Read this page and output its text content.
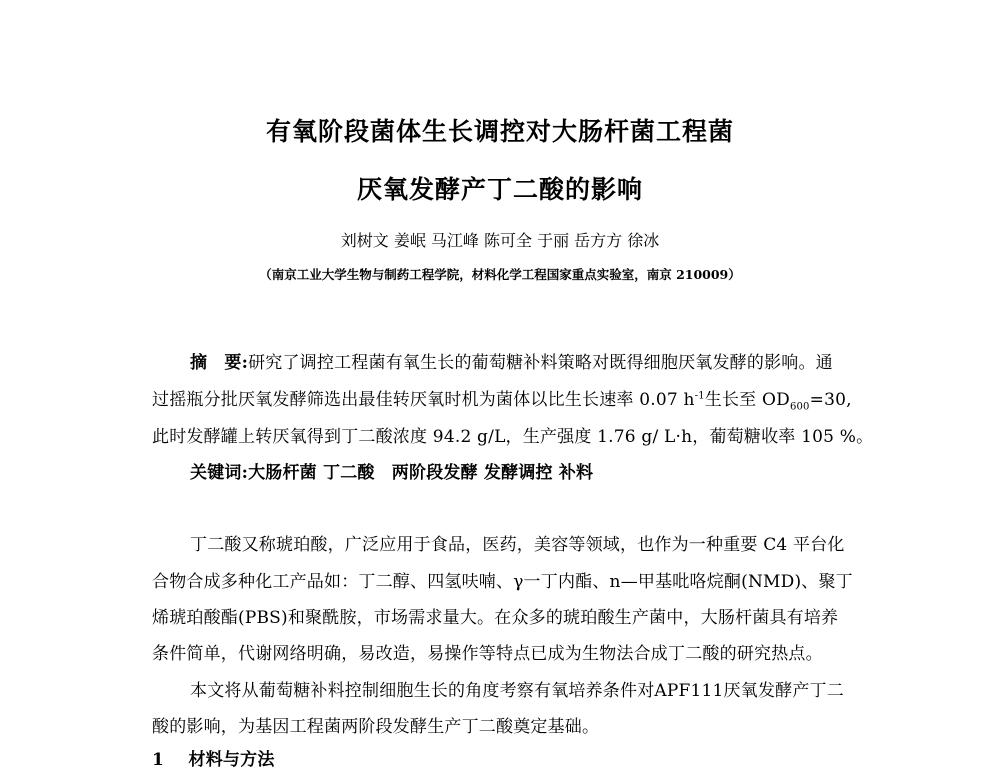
有氧阶段菌体生长调控对大肠杆菌工程菌
厌氧发酵产丁二酸的影响
刘树文 姜岷 马江峰 陈可全 于丽 岳方方 徐冰
（南京工业大学生物与制药工程学院，材料化学工程国家重点实验室，南京 210009）
摘　要:研究了调控工程菌有氧生长的葡萄糖补料策略对既得细胞厌氧发酵的影响。通
过摇瓶分批厌氧发酵筛选出最佳转厌氧时机为菌体以比生长速率 0.07 $h^{-1}$生长至 $OD_{600}=30$,
此时发酵罐上转厌氧得到丁二酸浓度 94.2 g/L，生产强度 1.76 g/ L·h，葡萄糖收率 105 %。
关键词:大肠杆菌 丁二酸　两阶段发酵 发酵调控 补料
丁二酸又称琥珀酸，广泛应用于食品，医药，美容等领域，也作为一种重要 C4 平台化
合物合成多种化工产品如：丁二醇、四氢呋喃、γ一丁内酯、n—甲基吡咯烷酮(NMD)、聚丁
烯琥珀酸酯(PBS)和聚酰胺，市场需求量大。在众多的琥珀酸生产菌中，大肠杆菌具有培养
条件简单，代谢网络明确，易改造，易操作等特点已成为生物法合成丁二酸的研究热点。
本文将从葡萄糖补料控制细胞生长的角度考察有氧培养条件对APF111厌氧发酵产丁二
酸的影响，为基因工程菌两阶段发酵生产丁二酸奠定基础。
1 材料与方法
